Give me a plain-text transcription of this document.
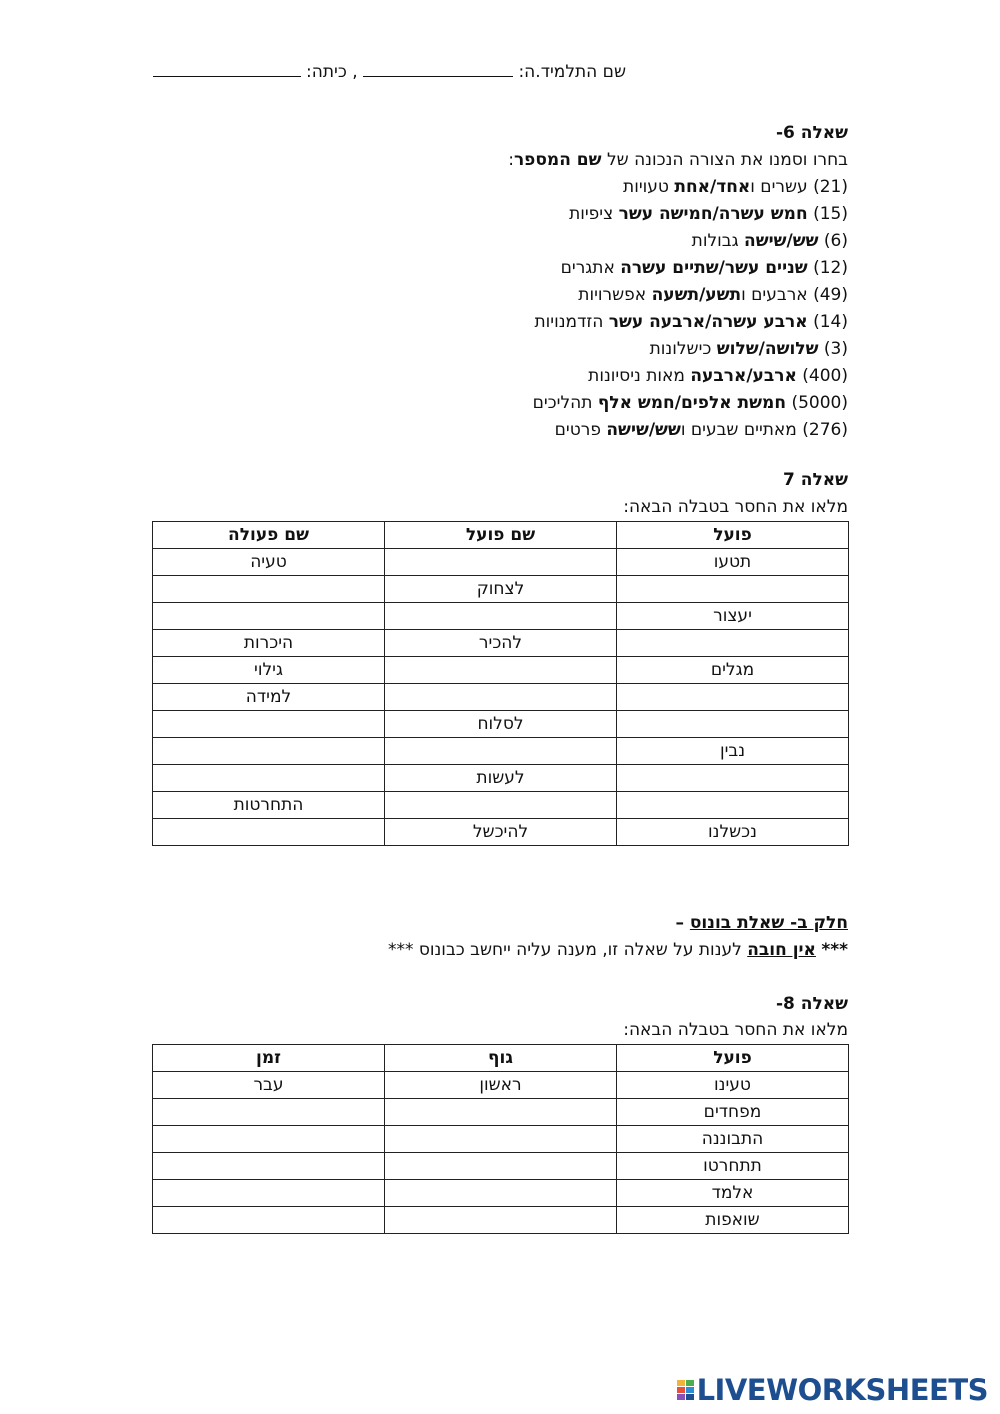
שם התלמיד.ה:  , כיתה:
שאלה 6-
בחרו וסמנו את הצורה הנכונה של שם המספר:
(21) עשרים ואחד/אחת טעויות
(15) חמש עשרה/חמישה עשר ציפיות
(6) שש/שישה גבולות
(12) שניים עשר/שתיים עשרה אתגרים
(49) ארבעים ותשע/תשעה אפשרויות
(14) ארבע עשרה/ארבעה עשר הזדמנויות
(3) שלושה/שלוש כישלונות
(400) ארבע/ארבעה מאות ניסיונות
(5000) חמשת אלפים/חמש אלף תהליכים
(276) מאתיים שבעים ושש/שישה פרטים
שאלה 7
מלאו את החסר בטבלה הבאה:
פועל	שם פועל	שם פעולה
תטעו		טעיה
	לצחוק	
יעצור		
	להכיר	היכרות
מגלים		גילוי
		למידה
	לסלוח	
נבין		
	לעשות	
		התחרטות
נכשלנו	להיכשל	
חלק ב- שאלת בונוס –
*** אין חובה לענות על שאלה זו, מענה עליה ייחשב כבונוס ***
שאלה 8-
מלאו את החסר בטבלה הבאה:
פועל	גוף	זמן
טעינו	ראשון	עבר
מפחדים		
התבוננה		
תתחרטו		
אלמד		
שואפות		
LIVEWORKSHEETS
